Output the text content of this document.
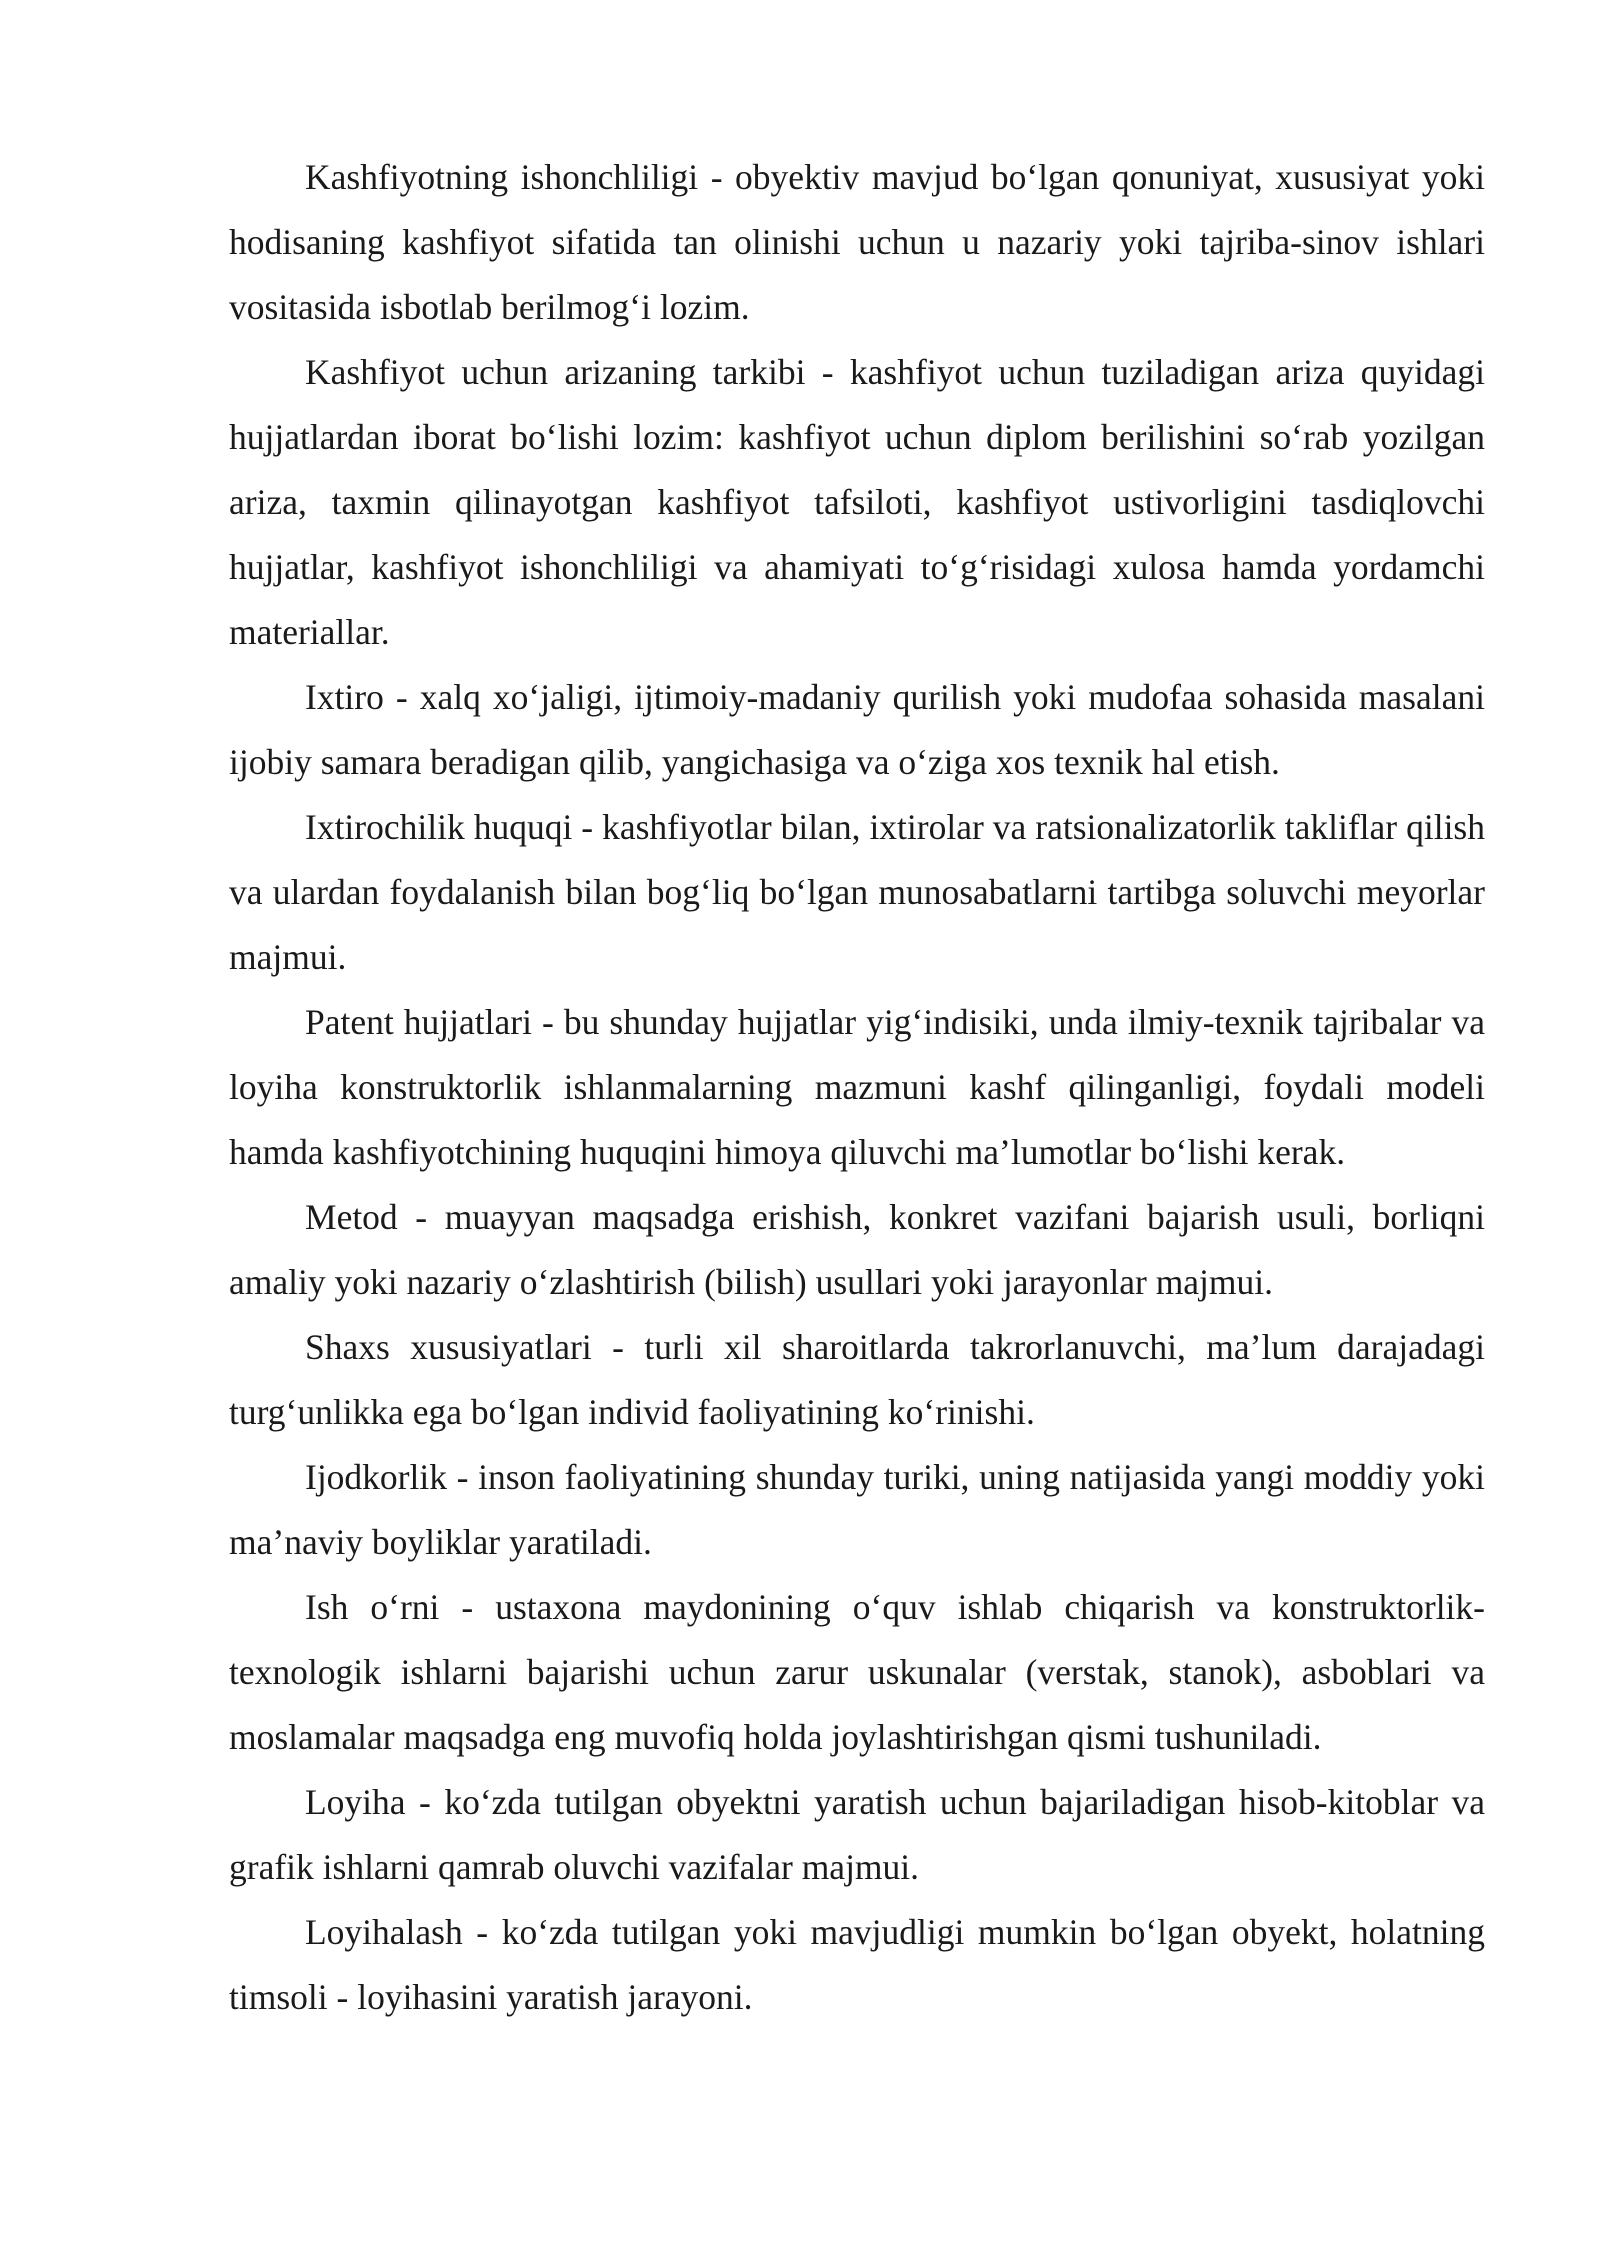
Kashfiyotning ishonchliligi - obyektiv mavjud bo‘lgan qonuniyat, xususiyat yoki hodisaning kashfiyot sifatida tan olinishi uchun u nazariy yoki tajriba-sinov ishlari vositasida isbotlab berilmog‘i lozim.

Kashfiyot uchun arizaning tarkibi - kashfiyot uchun tuziladigan ariza quyidagi hujjatlardan iborat bo‘lishi lozim: kashfiyot uchun diplom berilishini so‘rab yozilgan ariza, taxmin qilinayotgan kashfiyot tafsiloti, kashfiyot ustivorligini tasdiqlovchi hujjatlar, kashfiyot ishonchliligi va ahamiyati to‘g‘risidagi xulosa hamda yordamchi materiallar.

Ixtiro - xalq xo‘jaligi, ijtimoiy-madaniy qurilish yoki mudofaa sohasida masalani ijobiy samara beradigan qilib, yangichasiga va o‘ziga xos texnik hal etish.

Ixtirochilik huquqi - kashfiyotlar bilan, ixtirolar va ratsionalizatorlik takliflar qilish va ulardan foydalanish bilan bog‘liq bo‘lgan munosabatlarni tartibga soluvchi meyorlar majmui.

Patent hujjatlari - bu shunday hujjatlar yig‘indisiki, unda ilmiy-texnik tajribalar va loyiha konstruktorlik ishlanmalarning mazmuni kashf qilinganligi, foydali modeli hamda kashfiyotchining huquqini himoya qiluvchi ma’lumotlar bo‘lishi kerak.

Metod - muayyan maqsadga erishish, konkret vazifani bajarish usuli, borliqni amaliy yoki nazariy o‘zlashtirish (bilish) usullari yoki jarayonlar majmui.

Shaxs xususiyatlari - turli xil sharoitlarda takrorlanuvchi, ma’lum darajadagi turg‘unlikka ega bo‘lgan individ faoliyatining ko‘rinishi.

Ijodkorlik - inson faoliyatining shunday turiki, uning natijasida yangi moddiy yoki ma’naviy boyliklar yaratiladi.

Ish o‘rni - ustaxona maydonining o‘quv ishlab chiqarish va konstruktorlik-texnologik ishlarni bajarishi uchun zarur uskunalar (verstak, stanok), asboblari va moslamalar maqsadga eng muvofiq holda joylashtirishgan qismi tushuniladi.

Loyiha - ko‘zda tutilgan obyektni yaratish uchun bajariladigan hisob-kitoblar va grafik ishlarni qamrab oluvchi vazifalar majmui.

Loyihalash - ko‘zda tutilgan yoki mavjudligi mumkin bo‘lgan obyekt, holatning timsoli - loyihasini yaratish jarayoni.
